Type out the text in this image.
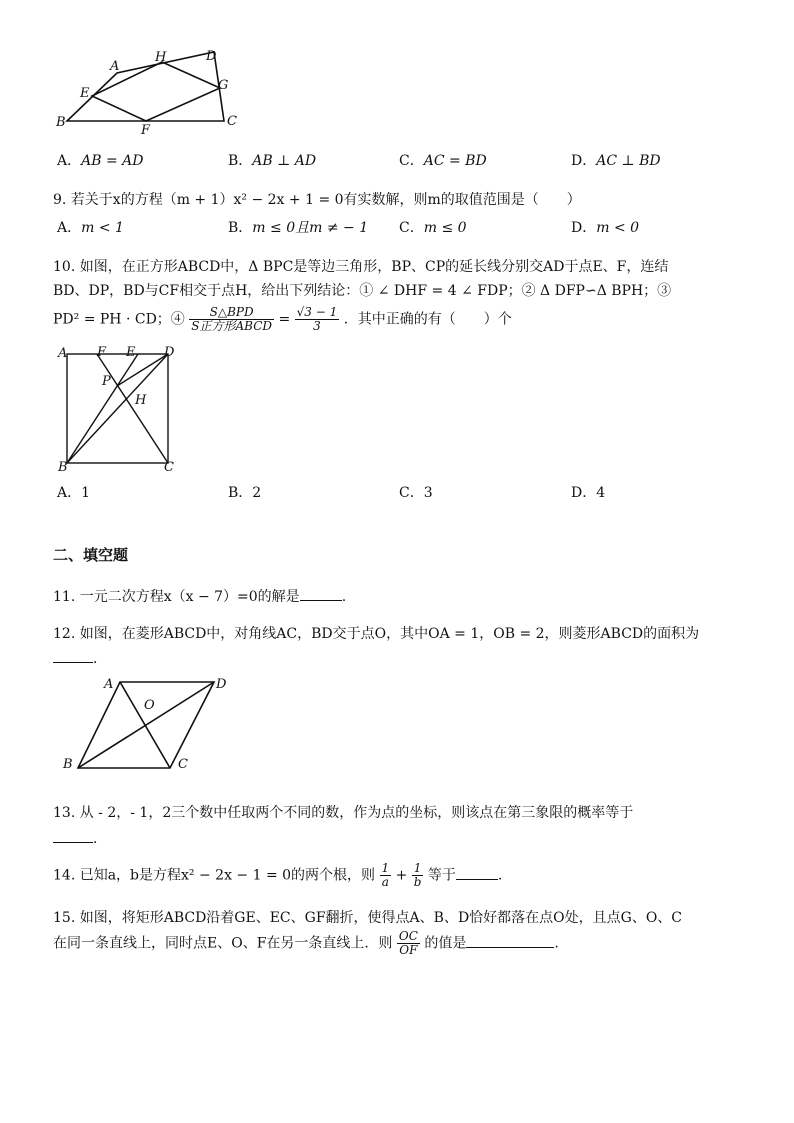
A
H	D
E
G
B
F
C
A．AB = AD	B．AB ⊥ AD	C．AC = BD	D．AC ⊥ BD
9. 若关于x的方程（m + 1）x² − 2x + 1 = 0有实数解，则m的取值范围是（　　）
A．m < 1	B．m ≤ 0且m ≠ − 1 C．m ≤ 0	D．m < 0
10. 如图，在正方形ABCD中，Δ BPC是等边三角形，BP、CP的延长线分别交AD于点E、F，连结
BD、DP，BD与CF相交于点H，给出下列结论：① ∠ DHF = 4 ∠ FDP；② Δ DFP∽Δ BPH；③
PD² = PH · CD；④ $\frac{\text{S△BPD}}{\text{S正方形ABCD}} = \frac{√3 - 1}{3}$ ．其中正确的有（　　）个
A F E D
P
H
B	C
A．1	B．2	C．3	D．4
二、填空题
11. 一元二次方程x（x − 7）=0的解是	.
12. 如图，在菱形ABCD中，对角线AC，BD交于点O，其中OA = 1，OB = 2，则菱形ABCD的面积为
.
A	D
O
B	C
13. 从 - 2，- 1，2三个数中任取两个不同的数，作为点的坐标，则该点在第三象限的概率等于
.
14. 已知a，b是方程x² − 2x − 1 = 0的两个根，则 $\frac{1}{a} + \frac{1}{b}$ 等于	.
15. 如图，将矩形ABCD沿着GE、EC、GF翻折，使得点A、B、D恰好都落在点O处，且点G、O、C
在同一条直线上，同时点E、O、F在另一条直线上．则 $\frac{OC}{OF}$ 的值是	.
